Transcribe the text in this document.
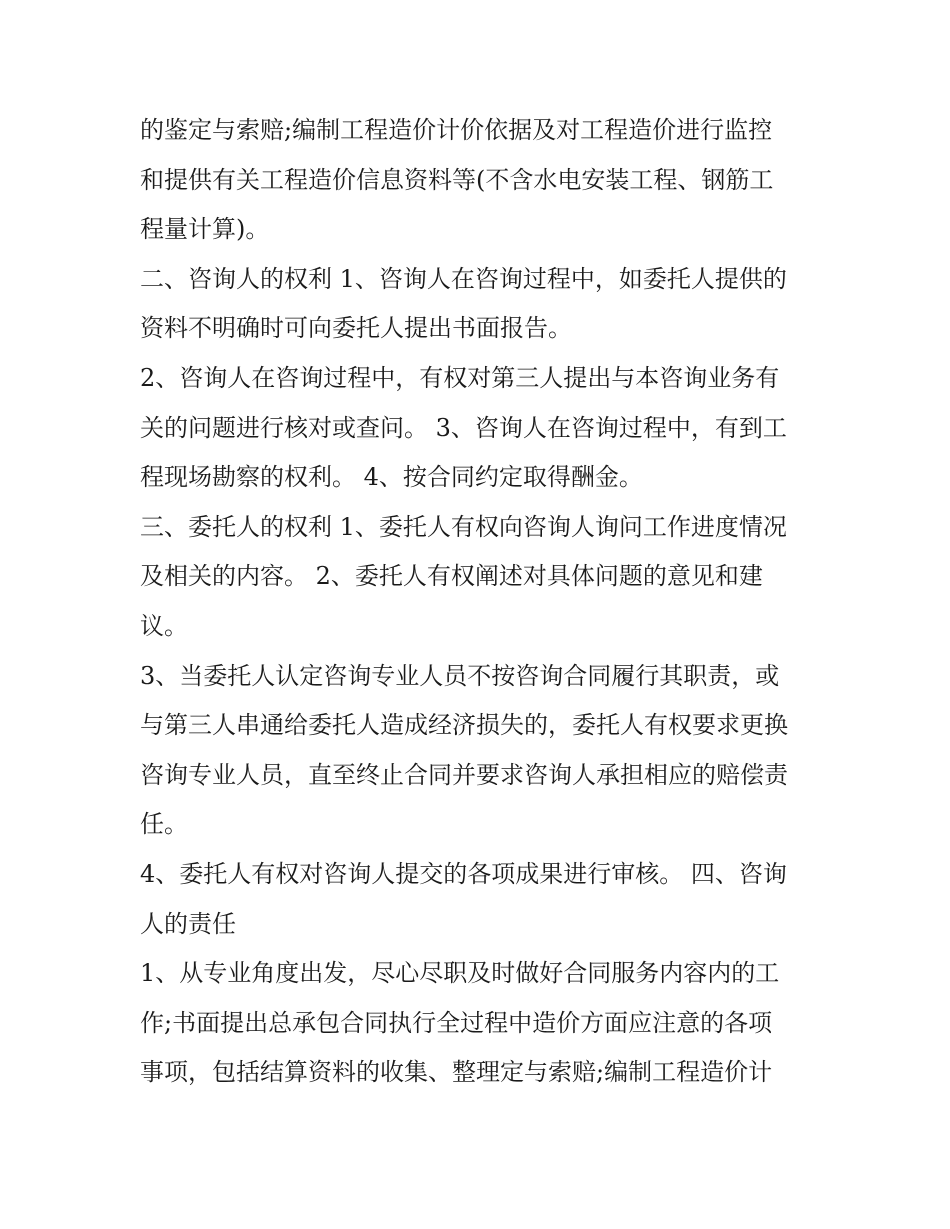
的鉴定与索赔;编制工程造价计价依据及对工程造价进行监控
和提供有关工程造价信息资料等(不含水电安装工程、钢筋工
程量计算)。
二、咨询人的权利 1、咨询人在咨询过程中，如委托人提供的
资料不明确时可向委托人提出书面报告。
2、咨询人在咨询过程中，有权对第三人提出与本咨询业务有
关的问题进行核对或查问。 3、咨询人在咨询过程中，有到工
程现场勘察的权利。 4、按合同约定取得酬金。
三、委托人的权利 1、委托人有权向咨询人询问工作进度情况
及相关的内容。 2、委托人有权阐述对具体问题的意见和建
议。
3、当委托人认定咨询专业人员不按咨询合同履行其职责，或
与第三人串通给委托人造成经济损失的，委托人有权要求更换
咨询专业人员，直至终止合同并要求咨询人承担相应的赔偿责
任。
4、委托人有权对咨询人提交的各项成果进行审核。 四、咨询
人的责任
1、从专业角度出发，尽心尽职及时做好合同服务内容内的工
作;书面提出总承包合同执行全过程中造价方面应注意的各项
事项，包括结算资料的收集、整理定与索赔;编制工程造价计
